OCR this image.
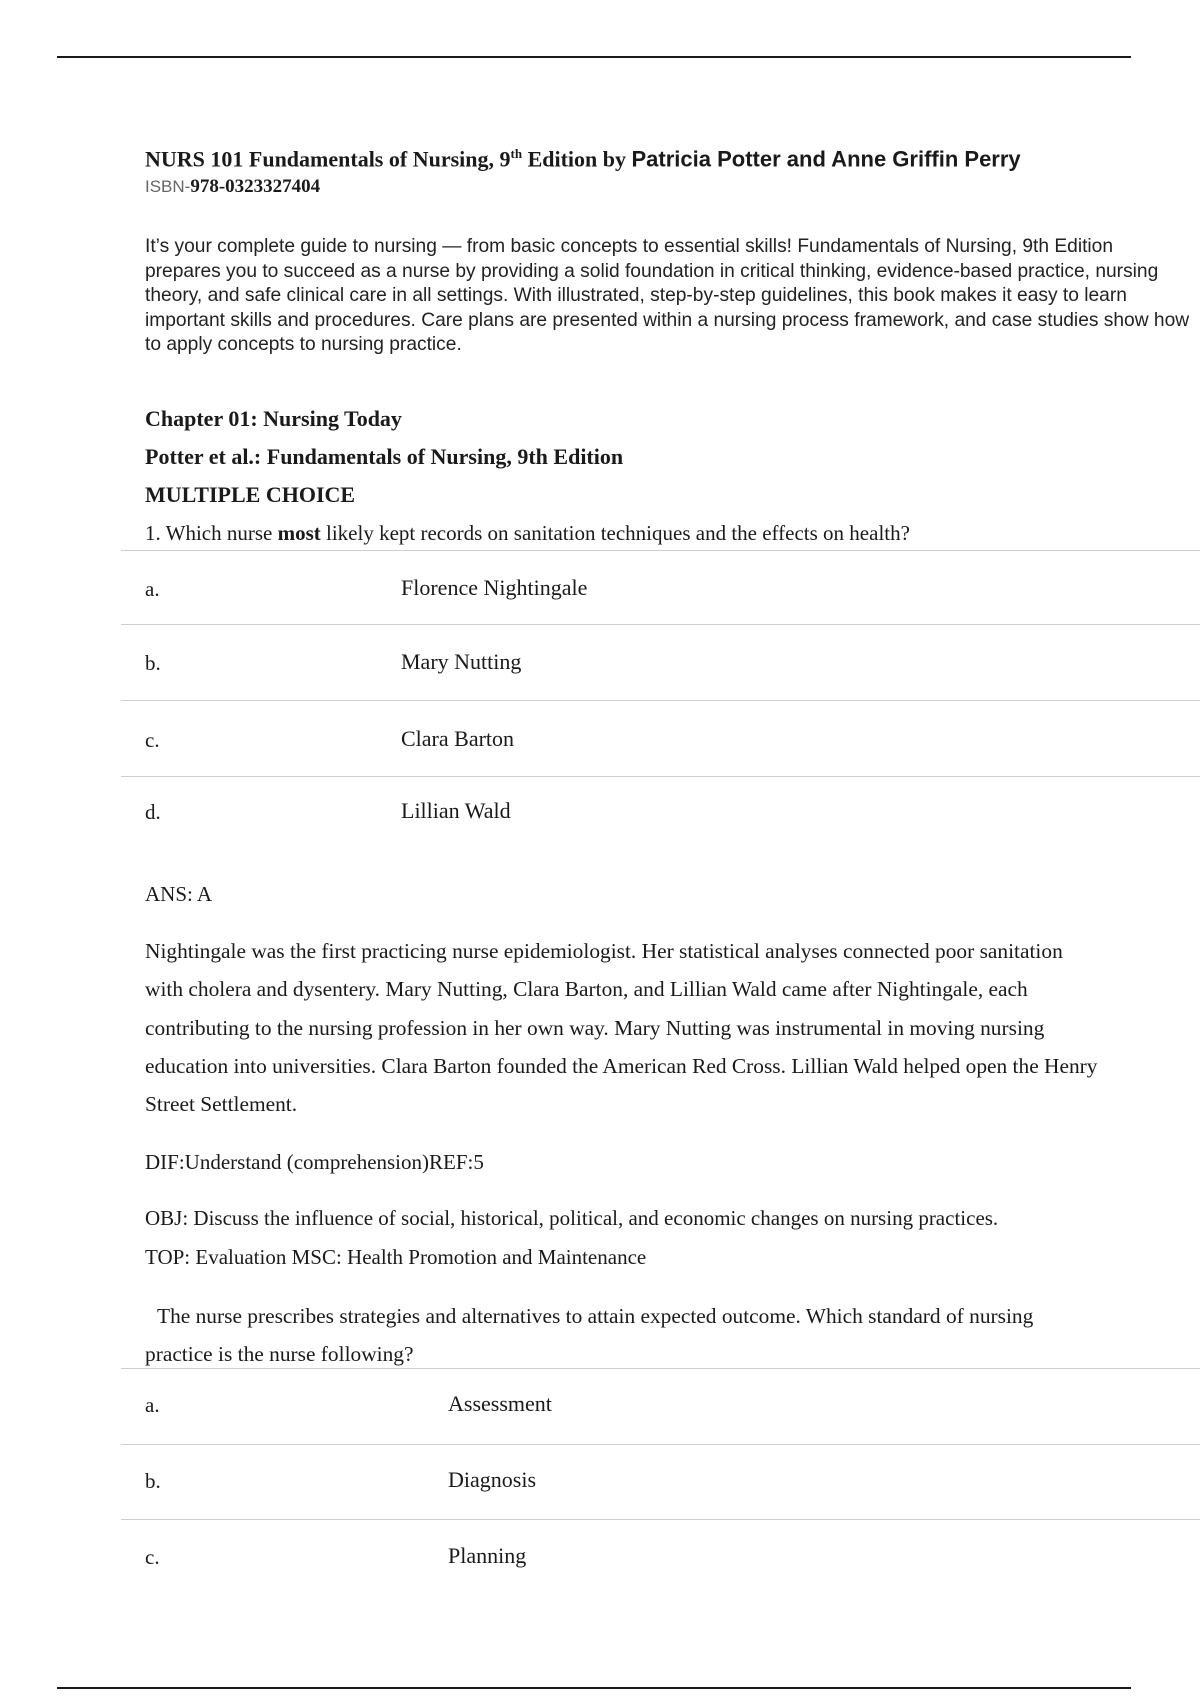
NURS 101 Fundamentals of Nursing, 9th Edition by Patricia Potter and Anne Griffin Perry
ISBN-978-0323327404
It’s your complete guide to nursing — from basic concepts to essential skills! Fundamentals of Nursing, 9th Edition prepares you to succeed as a nurse by providing a solid foundation in critical thinking, evidence-based practice, nursing theory, and safe clinical care in all settings. With illustrated, step-by-step guidelines, this book makes it easy to learn important skills and procedures. Care plans are presented within a nursing process framework, and case studies show how to apply concepts to nursing practice.
Chapter 01: Nursing Today
Potter et al.: Fundamentals of Nursing, 9th Edition
MULTIPLE CHOICE
1. Which nurse most likely kept records on sanitation techniques and the effects on health?
a.	Florence Nightingale
b.	Mary Nutting
c.	Clara Barton
d.	Lillian Wald
ANS: A
Nightingale was the first practicing nurse epidemiologist. Her statistical analyses connected poor sanitation with cholera and dysentery. Mary Nutting, Clara Barton, and Lillian Wald came after Nightingale, each contributing to the nursing profession in her own way. Mary Nutting was instrumental in moving nursing education into universities. Clara Barton founded the American Red Cross. Lillian Wald helped open the Henry Street Settlement.
DIF:Understand (comprehension)REF:5
OBJ: Discuss the influence of social, historical, political, and economic changes on nursing practices.
TOP: Evaluation MSC: Health Promotion and Maintenance
The nurse prescribes strategies and alternatives to attain expected outcome. Which standard of nursing practice is the nurse following?
a.	Assessment
b.	Diagnosis
c.	Planning
